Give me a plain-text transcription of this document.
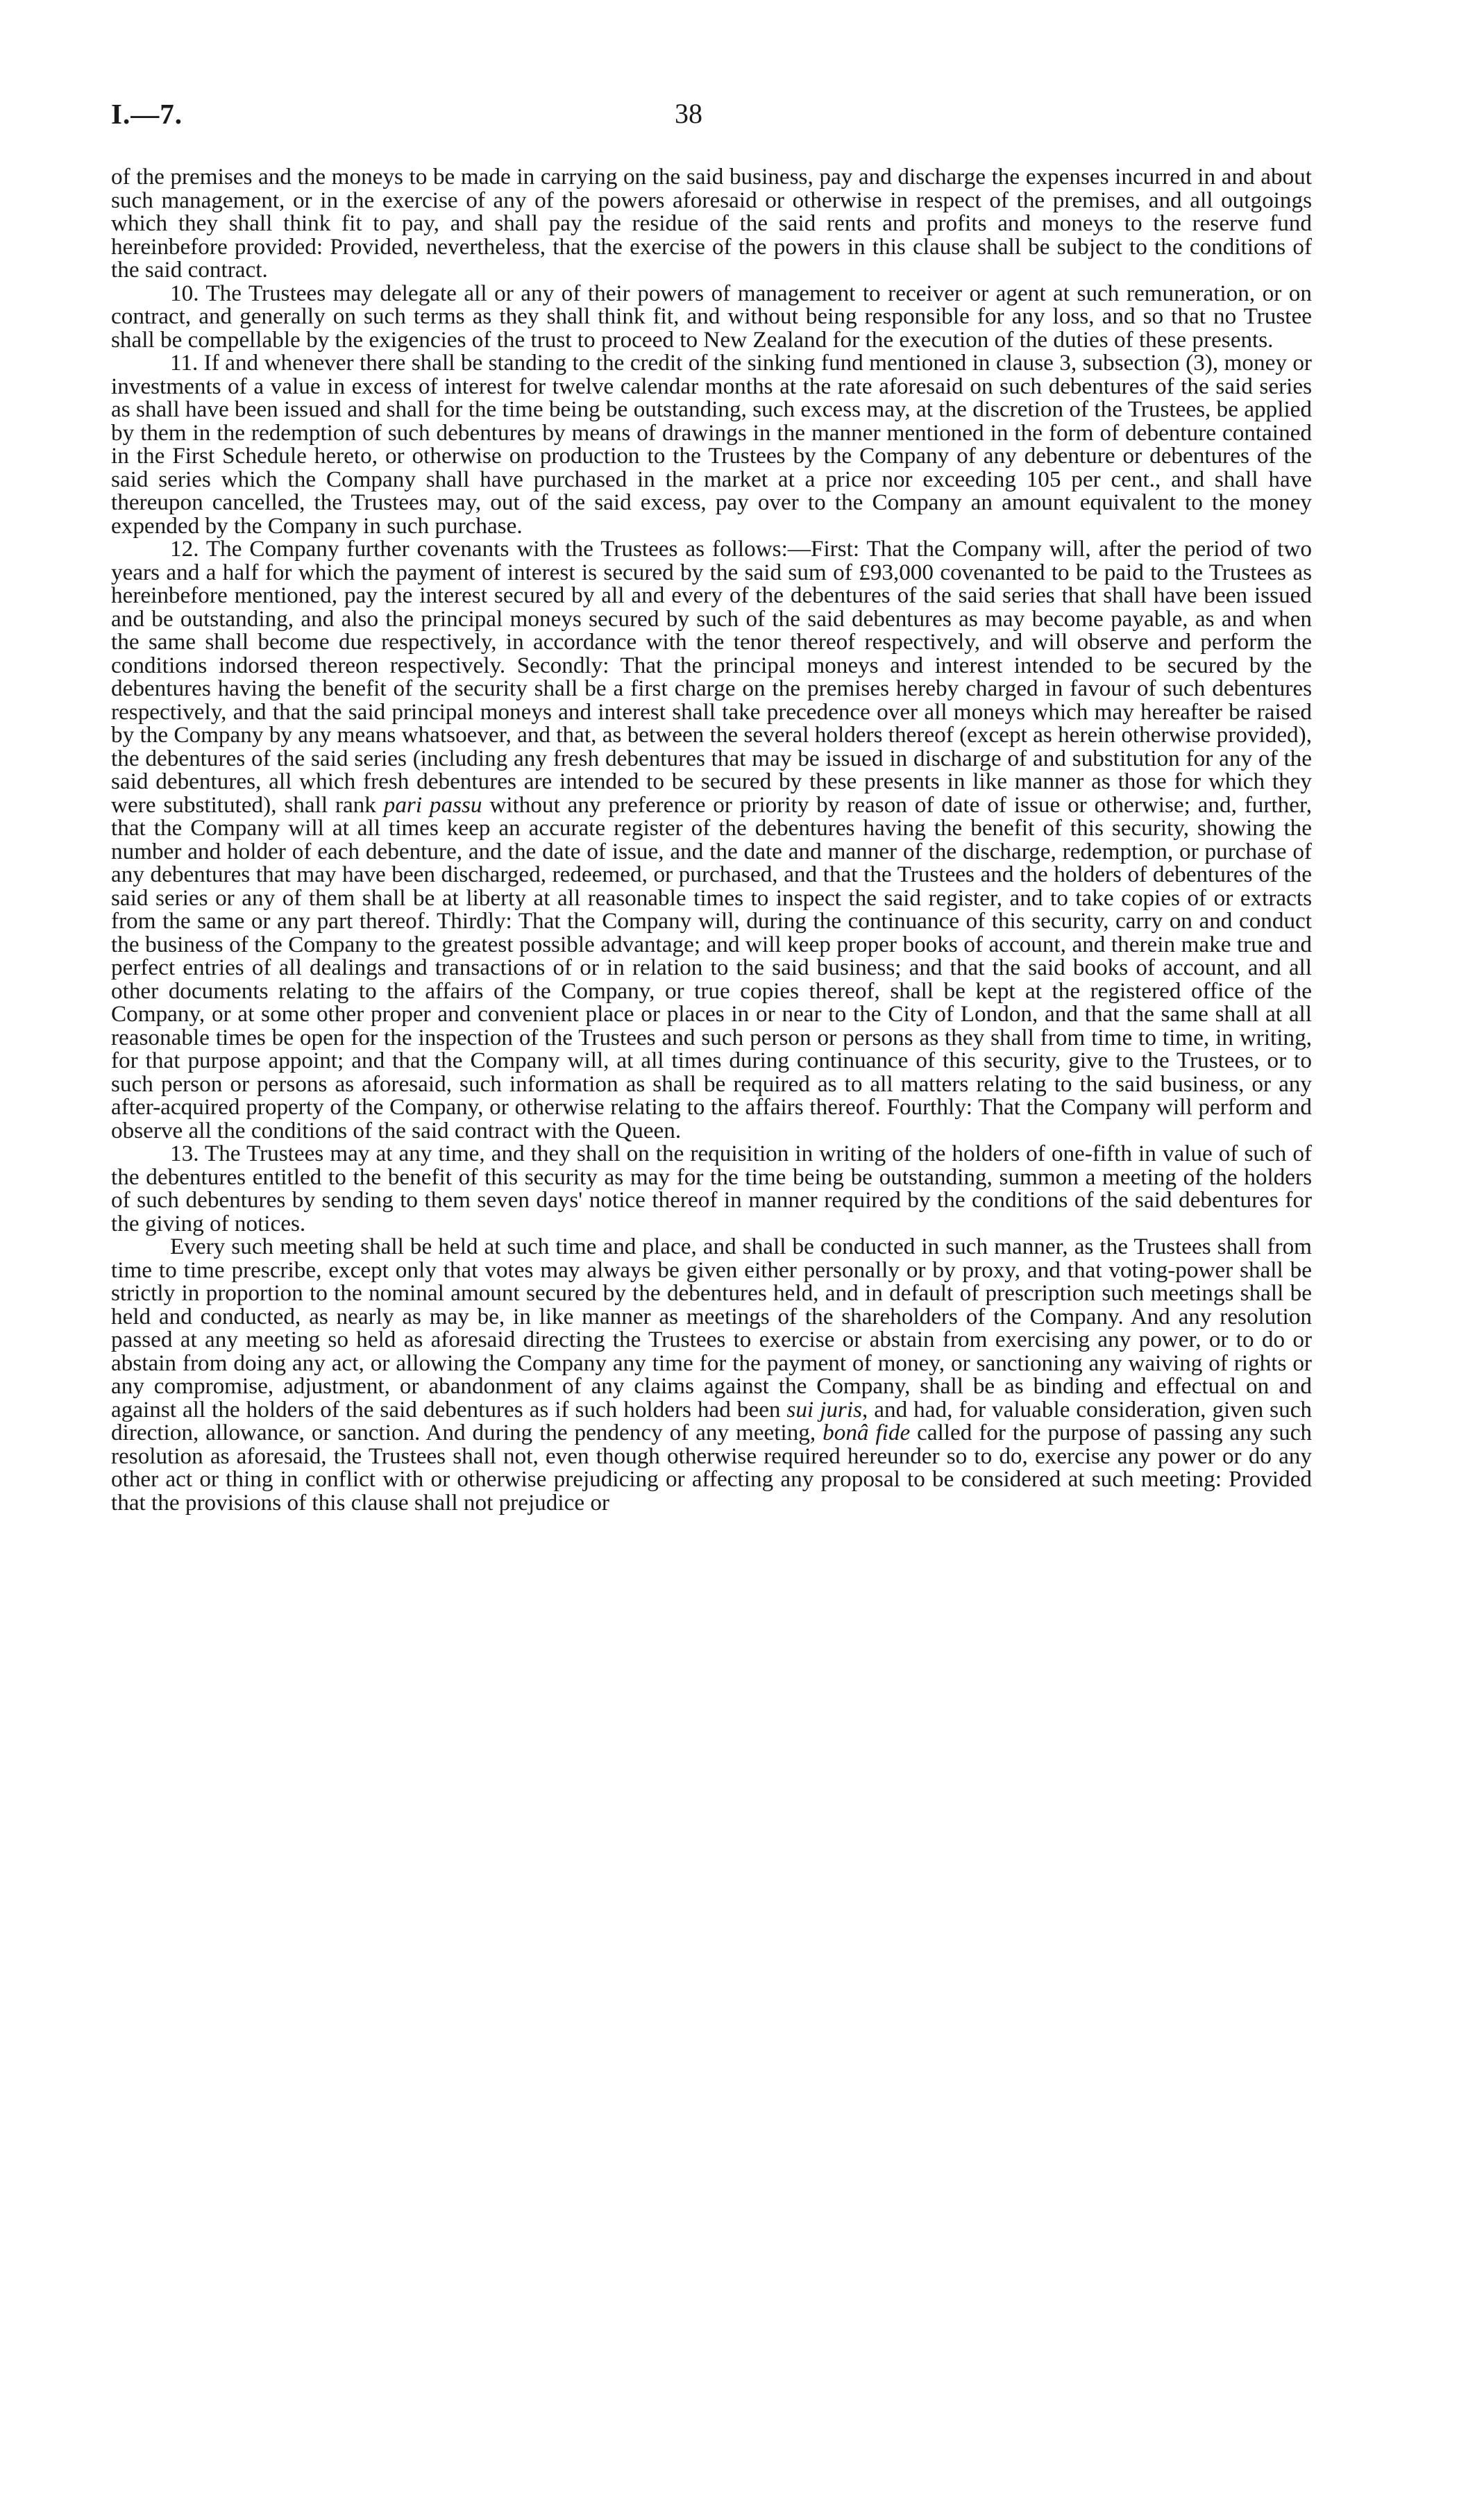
I.—7.	38

of the premises and the moneys to be made in carrying on the said business, pay and discharge the expenses incurred in and about such management, or in the exercise of any of the powers aforesaid or otherwise in respect of the premises, and all outgoings which they shall think fit to pay, and shall pay the residue of the said rents and profits and moneys to the reserve fund hereinbefore provided: Provided, nevertheless, that the exercise of the powers in this clause shall be subject to the conditions of the said contract.

10. The Trustees may delegate all or any of their powers of management to receiver or agent at such remuneration, or on contract, and generally on such terms as they shall think fit, and without being responsible for any loss, and so that no Trustee shall be compellable by the exigencies of the trust to proceed to New Zealand for the execution of the duties of these presents.

11. If and whenever there shall be standing to the credit of the sinking fund mentioned in clause 3, subsection (3), money or investments of a value in excess of interest for twelve calendar months at the rate aforesaid on such debentures of the said series as shall have been issued and shall for the time being be outstanding, such excess may, at the discretion of the Trustees, be applied by them in the redemption of such debentures by means of drawings in the manner mentioned in the form of debenture contained in the First Schedule hereto, or otherwise on production to the Trustees by the Company of any debenture or debentures of the said series which the Company shall have purchased in the market at a price nor exceeding 105 per cent., and shall have thereupon cancelled, the Trustees may, out of the said excess, pay over to the Company an amount equivalent to the money expended by the Company in such purchase.

12. The Company further covenants with the Trustees as follows:—First: That the Company will, after the period of two years and a half for which the payment of interest is secured by the said sum of £93,000 covenanted to be paid to the Trustees as hereinbefore mentioned, pay the interest secured by all and every of the debentures of the said series that shall have been issued and be outstanding, and also the principal moneys secured by such of the said debentures as may become payable, as and when the same shall become due respectively, in accordance with the tenor thereof respectively, and will observe and perform the conditions indorsed thereon respectively. Secondly: That the principal moneys and interest intended to be secured by the debentures having the benefit of the security shall be a first charge on the premises hereby charged in favour of such debentures respectively, and that the said principal moneys and interest shall take precedence over all moneys which may hereafter be raised by the Company by any means whatsoever, and that, as between the several holders thereof (except as herein otherwise provided), the debentures of the said series (including any fresh debentures that may be issued in discharge of and substitution for any of the said debentures, all which fresh debentures are intended to be secured by these presents in like manner as those for which they were substituted), shall rank pari passu without any preference or priority by reason of date of issue or otherwise; and, further, that the Company will at all times keep an accurate register of the debentures having the benefit of this security, showing the number and holder of each debenture, and the date of issue, and the date and manner of the discharge, redemption, or purchase of any debentures that may have been discharged, redeemed, or purchased, and that the Trustees and the holders of debentures of the said series or any of them shall be at liberty at all reasonable times to inspect the said register, and to take copies of or extracts from the same or any part thereof. Thirdly: That the Company will, during the continuance of this security, carry on and conduct the business of the Company to the greatest possible advantage; and will keep proper books of account, and therein make true and perfect entries of all dealings and transactions of or in relation to the said business; and that the said books of account, and all other documents relating to the affairs of the Company, or true copies thereof, shall be kept at the registered office of the Company, or at some other proper and convenient place or places in or near to the City of London, and that the same shall at all reasonable times be open for the inspection of the Trustees and such person or persons as they shall from time to time, in writing, for that purpose appoint; and that the Company will, at all times during continuance of this security, give to the Trustees, or to such person or persons as aforesaid, such information as shall be required as to all matters relating to the said business, or any after-acquired property of the Company, or otherwise relating to the affairs thereof. Fourthly: That the Company will perform and observe all the conditions of the said contract with the Queen.

13. The Trustees may at any time, and they shall on the requisition in writing of the holders of one-fifth in value of such of the debentures entitled to the benefit of this security as may for the time being be outstanding, summon a meeting of the holders of such debentures by sending to them seven days' notice thereof in manner required by the conditions of the said debentures for the giving of notices.

Every such meeting shall be held at such time and place, and shall be conducted in such manner, as the Trustees shall from time to time prescribe, except only that votes may always be given either personally or by proxy, and that voting-power shall be strictly in proportion to the nominal amount secured by the debentures held, and in default of prescription such meetings shall be held and conducted, as nearly as may be, in like manner as meetings of the shareholders of the Company. And any resolution passed at any meeting so held as aforesaid directing the Trustees to exercise or abstain from exercising any power, or to do or abstain from doing any act, or allowing the Company any time for the payment of money, or sanctioning any waiving of rights or any compromise, adjustment, or abandonment of any claims against the Company, shall be as binding and effectual on and against all the holders of the said debentures as if such holders had been sui juris, and had, for valuable consideration, given such direction, allowance, or sanction. And during the pendency of any meeting, bonâ fide called for the purpose of passing any such resolution as aforesaid, the Trustees shall not, even though otherwise required hereunder so to do, exercise any power or do any other act or thing in conflict with or otherwise prejudicing or affecting any proposal to be considered at such meeting: Provided that the provisions of this clause shall not prejudice or
